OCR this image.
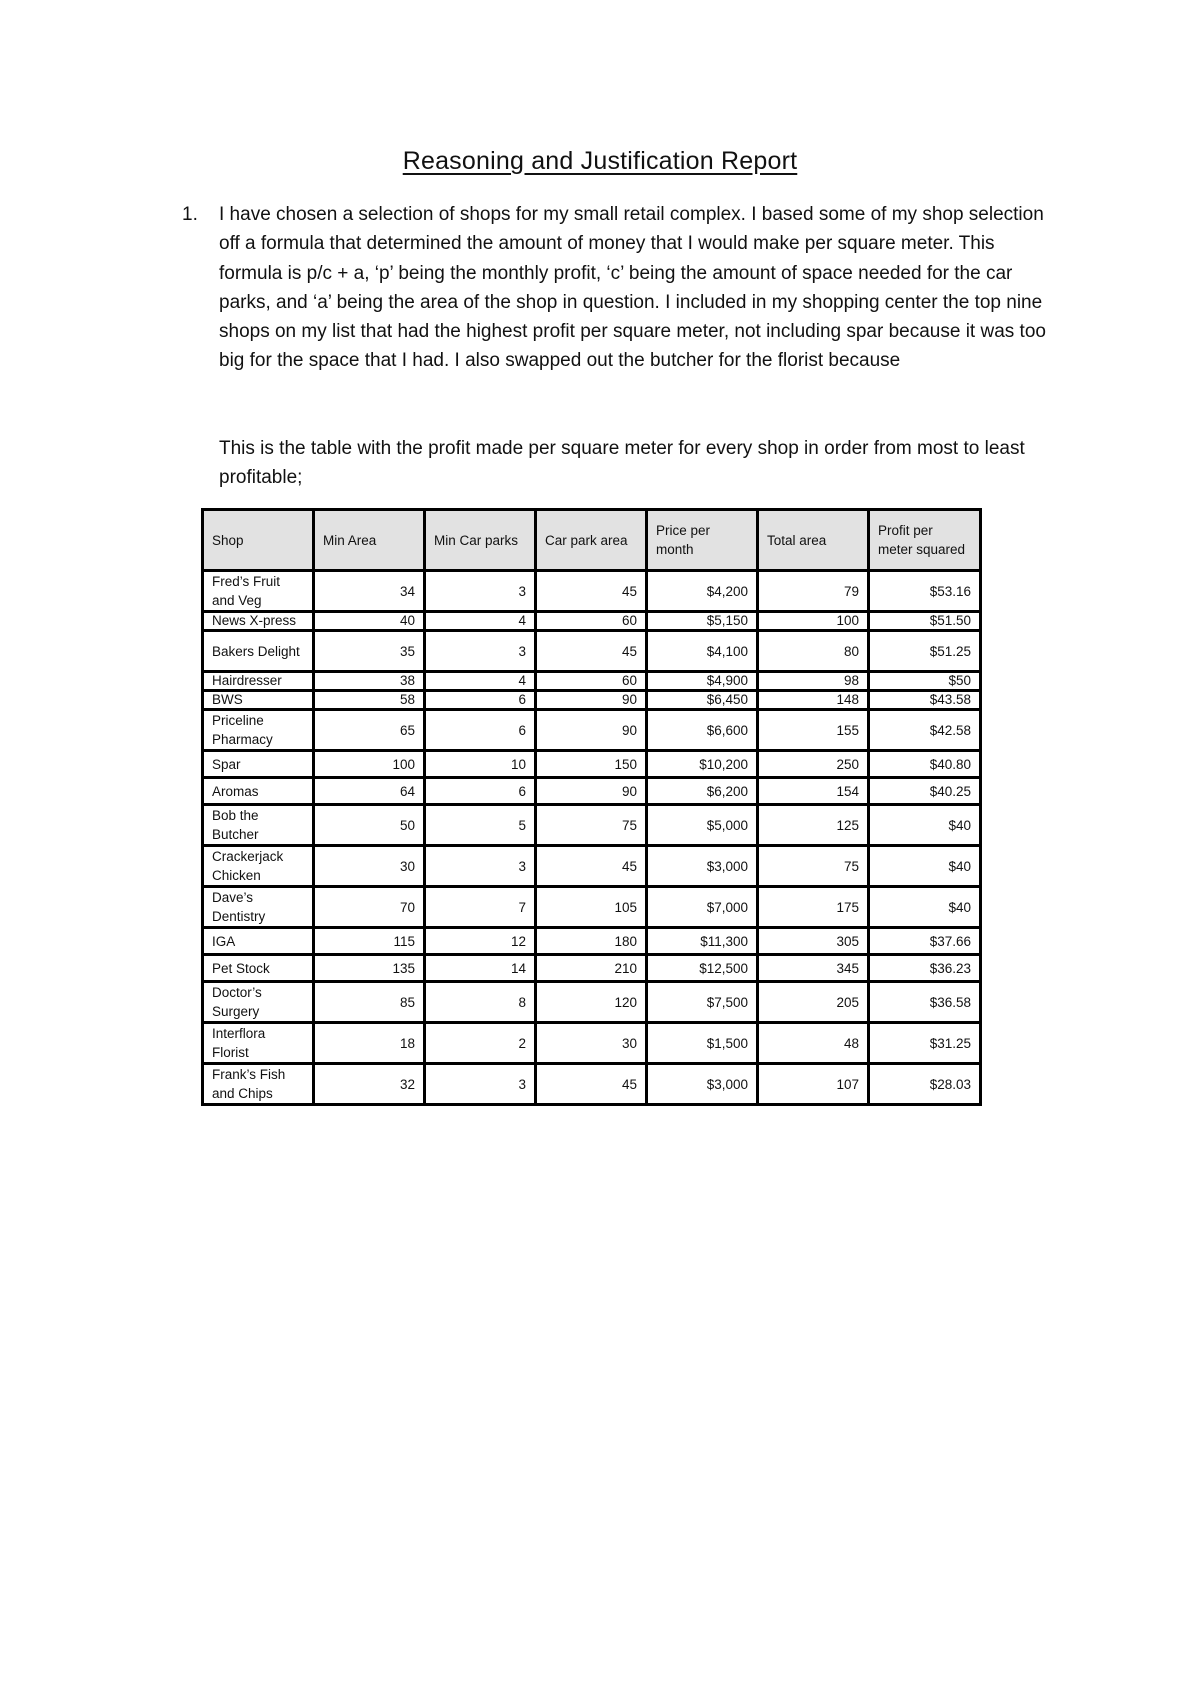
Reasoning and Justification Report
1. I have chosen a selection of shops for my small retail complex. I based some of my shop selection off a formula that determined the amount of money that I would make per square meter. This formula is p/c + a, ‘p’ being the monthly profit, ‘c’ being the amount of space needed for the car parks, and ‘a’ being the area of the shop in question. I included in my shopping center the top nine shops on my list that had the highest profit per square meter, not including spar because it was too big for the space that I had. I also swapped out the butcher for the florist because
This is the table with the profit made per square meter for every shop in order from most to least profitable;
Shop	Min Area	Min Car parks	Car park area	Price per month	Total area	Profit per meter squared
Fred’s Fruit and Veg	34	3	45	$4,200	79	$53.16
News X-press	40	4	60	$5,150	100	$51.50
Bakers Delight	35	3	45	$4,100	80	$51.25
Hairdresser	38	4	60	$4,900	98	$50
BWS	58	6	90	$6,450	148	$43.58
Priceline Pharmacy	65	6	90	$6,600	155	$42.58
Spar	100	10	150	$10,200	250	$40.80
Aromas	64	6	90	$6,200	154	$40.25
Bob the Butcher	50	5	75	$5,000	125	$40
Crackerjack Chicken	30	3	45	$3,000	75	$40
Dave’s Dentistry	70	7	105	$7,000	175	$40
IGA	115	12	180	$11,300	305	$37.66
Pet Stock	135	14	210	$12,500	345	$36.23
Doctor’s Surgery	85	8	120	$7,500	205	$36.58
Interflora Florist	18	2	30	$1,500	48	$31.25
Frank’s Fish and Chips	32	3	45	$3,000	107	$28.03
